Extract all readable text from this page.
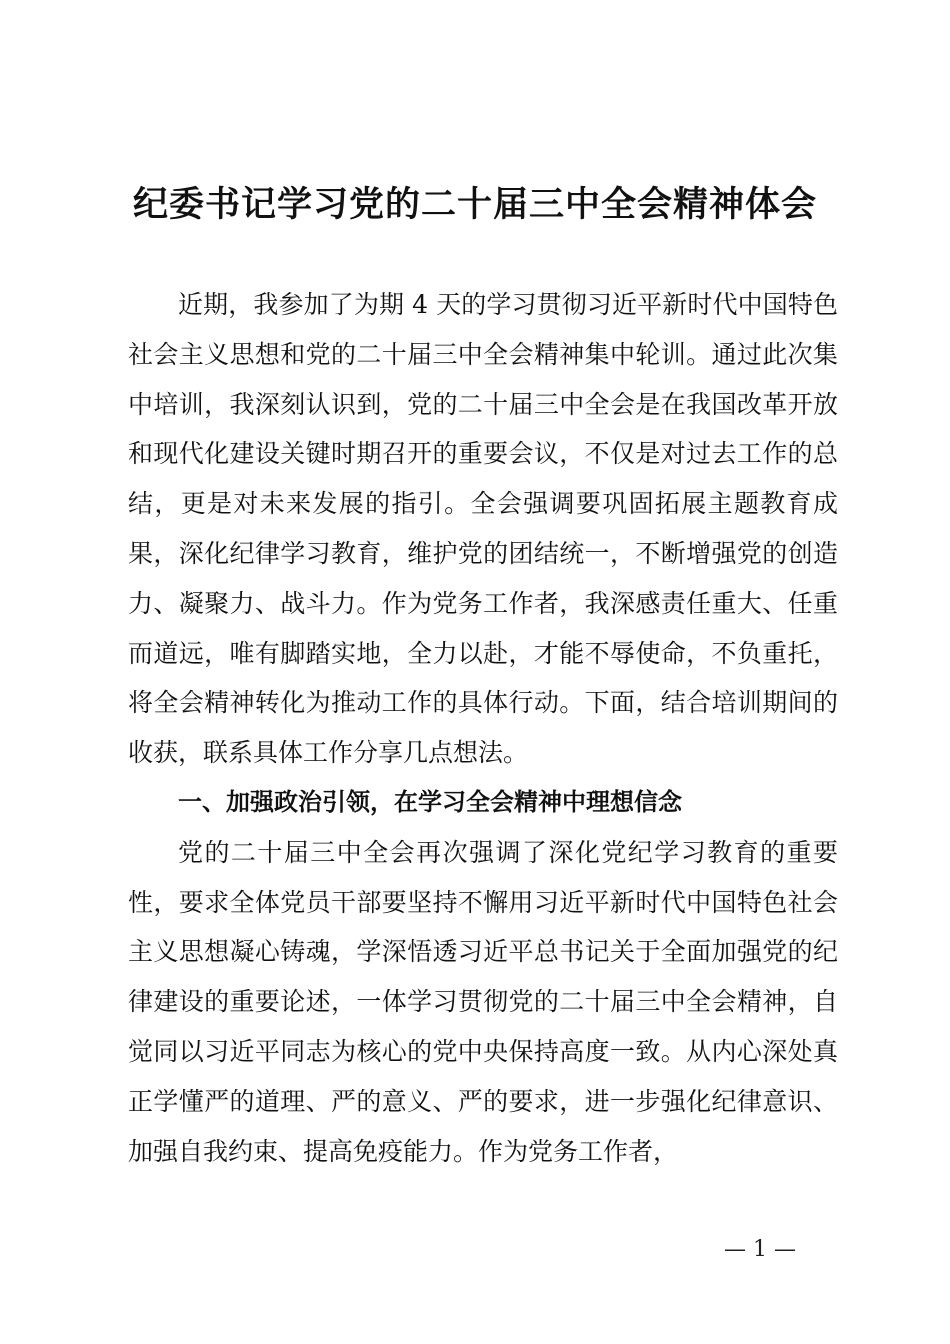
纪委书记学习党的二十届三中全会精神体会

近期，我参加了为期 4 天的学习贯彻习近平新时代中国特色社会主义思想和党的二十届三中全会精神集中轮训。通过此次集中培训，我深刻认识到，党的二十届三中全会是在我国改革开放和现代化建设关键时期召开的重要会议，不仅是对过去工作的总结，更是对未来发展的指引。全会强调要巩固拓展主题教育成果，深化纪律学习教育，维护党的团结统一，不断增强党的创造力、凝聚力、战斗力。作为党务工作者，我深感责任重大、任重而道远，唯有脚踏实地，全力以赴，才能不辱使命，不负重托，将全会精神转化为推动工作的具体行动。下面，结合培训期间的收获，联系具体工作分享几点想法。

一、加强政治引领，在学习全会精神中理想信念

党的二十届三中全会再次强调了深化党纪学习教育的重要性，要求全体党员干部要坚持不懈用习近平新时代中国特色社会主义思想凝心铸魂，学深悟透习近平总书记关于全面加强党的纪律建设的重要论述，一体学习贯彻党的二十届三中全会精神，自觉同以习近平同志为核心的党中央保持高度一致。从内心深处真正学懂严的道理、严的意义、严的要求，进一步强化纪律意识、加强自我约束、提高免疫能力。作为党务工作者，

— 1 —
